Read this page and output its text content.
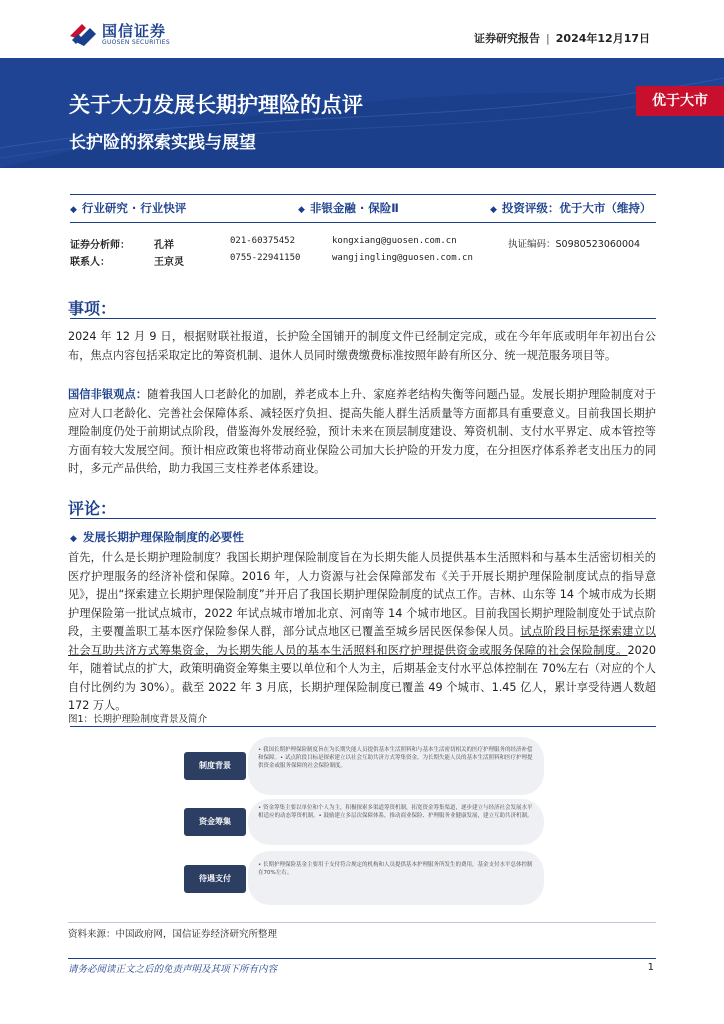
国信证券
GUOSEN SECURITIES	证券研究报告 | 2024年12月17日
关于大力发展长期护理险的点评
长护险的探索实践与展望
优于大市
◆ 行业研究 · 行业快评	◆ 非银金融 · 保险Ⅱ	◆ 投资评级：优于大市（维持）
证券分析师： 孔祥	021-60375452	kongxiang@guosen.com.cn	执证编码：S0980523060004
联系人：	王京灵	0755-22941150	wangjingling@guosen.com.cn
事项：

2024 年 12 月 9 日，根据财联社报道，长护险全国铺开的制度文件已经制定完成，或在今年年底或明年年初出台公布，焦点内容包括采取定比的筹资机制、退休人员同时缴费缴费标准按照年龄有所区分、统一规范服务项目等。

国信非银观点：随着我国人口老龄化的加剧，养老成本上升、家庭养老结构失衡等问题凸显。发展长期护理险制度对于应对人口老龄化、完善社会保障体系、减轻医疗负担、提高失能人群生活质量等方面都具有重要意义。目前我国长期护理险制度仍处于前期试点阶段，借鉴海外发展经验，预计未来在顶层制度建设、筹资机制、支付水平界定、成本管控等方面有较大发展空间。预计相应政策也将带动商业保险公司加大长护险的开发力度，在分担医疗体系养老支出压力的同时，多元产品供给，助力我国三支柱养老体系建设。

评论：
◆ 发展长期护理保险制度的必要性

首先，什么是长期护理险制度？我国长期护理保险制度旨在为长期失能人员提供基本生活照料和与基本生活密切相关的医疗护理服务的经济补偿和保障。2016 年，人力资源与社会保障部发布《关于开展长期护理保险制度试点的指导意见》，提出“探索建立长期护理保险制度”并开启了我国长期护理保险制度的试点工作。吉林、山东等 14 个城市成为长期护理保险第一批试点城市，2022 年试点城市增加北京、河南等 14 个城市地区。目前我国长期护理险制度处于试点阶段，主要覆盖职工基本医疗保险参保人群，部分试点地区已覆盖至城乡居民医保参保人员。试点阶段目标是探索建立以社会互助共济方式筹集资金，为长期失能人员的基本生活照料和医疗护理提供资金或服务保障的社会保险制度。2020 年，随着试点的扩大，政策明确资金筹集主要以单位和个人为主，后期基金支付水平总体控制在 70%左右（对应的个人自付比例约为 30%）。截至 2022 年 3 月底，长期护理保险制度已覆盖 49 个城市、1.45 亿人，累计享受待遇人数超 172 万人。

图1：长期护理险制度背景及简介
• 我国长期护理保险制度旨在为长期失能人员提供基本生活照料和与基本生活密切相关的医疗护理服务的经济补偿和保障。• 试点阶段目标是探索建立以社会互助共济方式筹集资金，为长期失能人员的基本生活照料和医疗护理提供资金或服务保障的社会保险制度。
制度背景
• 资金筹集主要以单位和个人为主，积极探索多渠道筹资机制，拓宽资金筹集渠道，逐步建立与经济社会发展水平相适应的动态筹资机制。• 鼓励建立多层次保障体系，推动商业保险、护理服务业健康发展，建立互助共济机制。
资金筹集
• 长期护理保险基金主要用于支付符合规定的机构和人员提供基本护理服务所发生的费用，基金支付水平总体控制在70%左右。
待遇支付
资料来源：中国政府网，国信证券经济研究所整理
请务必阅读正文之后的免责声明及其项下所有内容	1
